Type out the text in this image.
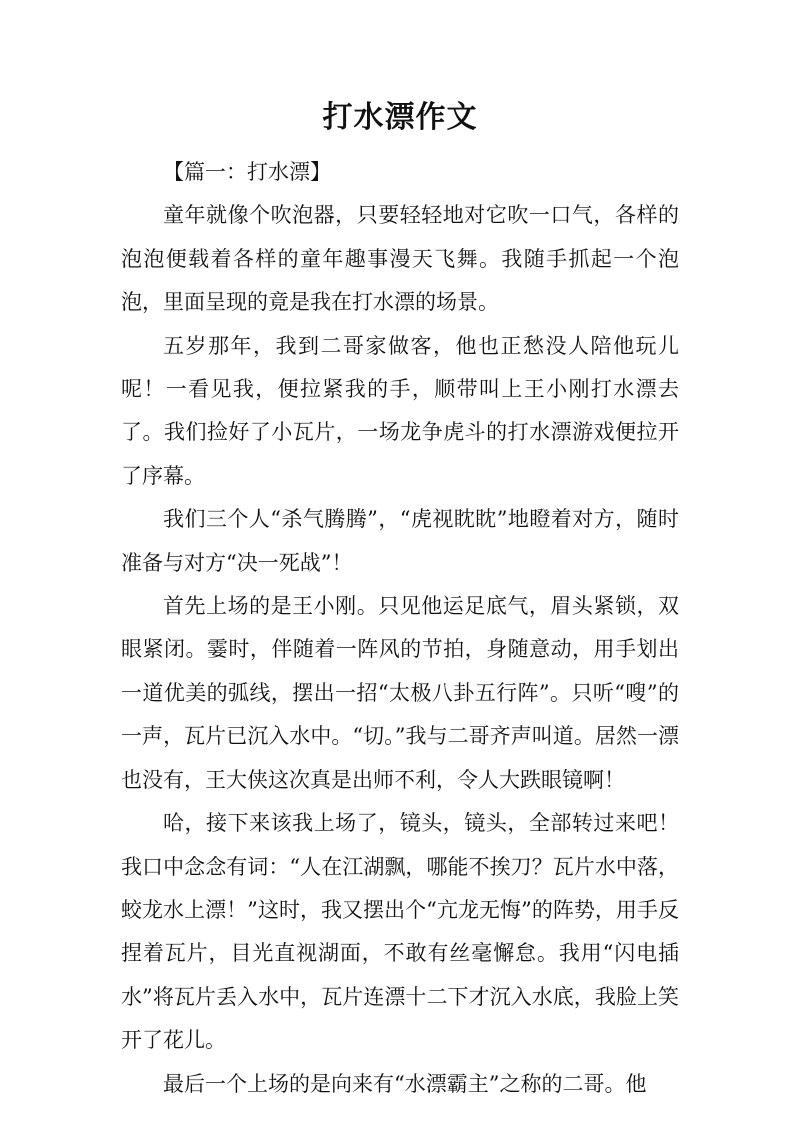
打水漂作文

【篇一：打水漂】

童年就像个吹泡器，只要轻轻地对它吹一口气，各样的泡泡便载着各样的童年趣事漫天飞舞。我随手抓起一个泡泡，里面呈现的竟是我在打水漂的场景。

五岁那年，我到二哥家做客，他也正愁没人陪他玩儿呢！一看见我，便拉紧我的手，顺带叫上王小刚打水漂去了。我们捡好了小瓦片，一场龙争虎斗的打水漂游戏便拉开了序幕。

我们三个人“杀气腾腾”，“虎视眈眈”地瞪着对方，随时准备与对方“决一死战”！

首先上场的是王小刚。只见他运足底气，眉头紧锁，双眼紧闭。霎时，伴随着一阵风的节拍，身随意动，用手划出一道优美的弧线，摆出一招“太极八卦五行阵”。只听“嗖”的一声，瓦片已沉入水中。“切。”我与二哥齐声叫道。居然一漂也没有，王大侠这次真是出师不利，令人大跌眼镜啊！

哈，接下来该我上场了，镜头，镜头，全部转过来吧！我口中念念有词：“人在江湖飘，哪能不挨刀？瓦片水中落，蛟龙水上漂！”这时，我又摆出个“亢龙无悔”的阵势，用手反捏着瓦片，目光直视湖面，不敢有丝毫懈怠。我用“闪电插水”将瓦片丢入水中，瓦片连漂十二下才沉入水底，我脸上笑开了花儿。

最后一个上场的是向来有“水漂霸主”之称的二哥。他
